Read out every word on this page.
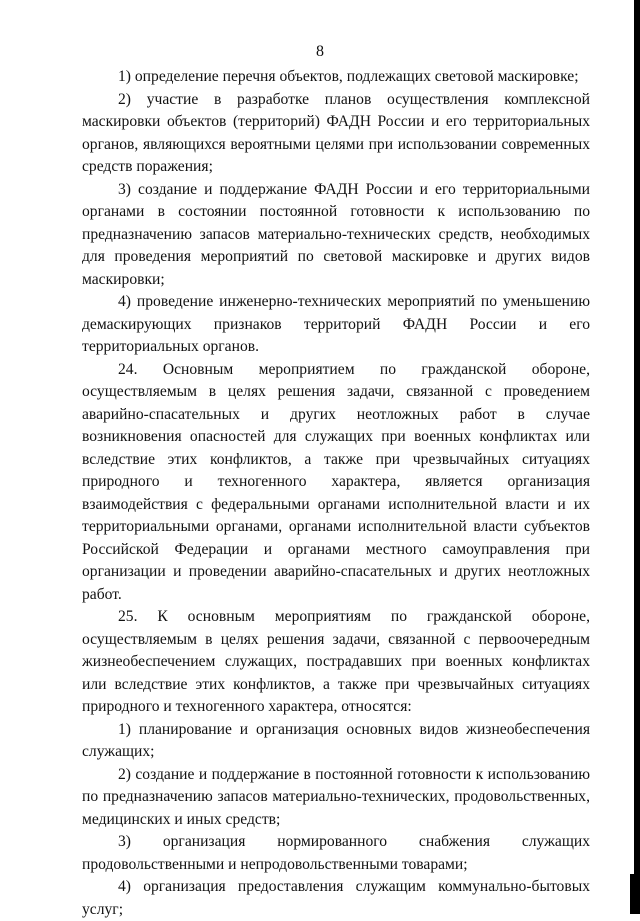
8

1) определение перечня объектов, подлежащих световой маскировке;

2) участие в разработке планов осуществления комплексной маскировки объектов (территорий) ФАДН России и его территориальных органов, являющихся вероятными целями при использовании современных средств поражения;

3) создание и поддержание ФАДН России и его территориальными органами в состоянии постоянной готовности к использованию по предназначению запасов материально-технических средств, необходимых для проведения мероприятий по световой маскировке и других видов маскировки;

4) проведение инженерно-технических мероприятий по уменьшению демаскирующих признаков территорий ФАДН России и его территориальных органов.

24. Основным мероприятием по гражданской обороне, осуществляемым в целях решения задачи, связанной с проведением аварийно-спасательных и других неотложных работ в случае возникновения опасностей для служащих при военных конфликтах или вследствие этих конфликтов, а также при чрезвычайных ситуациях природного и техногенного характера, является организация взаимодействия с федеральными органами исполнительной власти и их территориальными органами, органами исполнительной власти субъектов Российской Федерации и органами местного самоуправления при организации и проведении аварийно-спасательных и других неотложных работ.

25. К основным мероприятиям по гражданской обороне, осуществляемым в целях решения задачи, связанной с первоочередным жизнеобеспечением служащих, пострадавших при военных конфликтах или вследствие этих конфликтов, а также при чрезвычайных ситуациях природного и техногенного характера, относятся:

1) планирование и организация основных видов жизнеобеспечения служащих;

2) создание и поддержание в постоянной готовности к использованию по предназначению запасов материально-технических, продовольственных, медицинских и иных средств;

3) организация нормированного снабжения служащих продовольственными и непродовольственными товарами;

4) организация предоставления служащим коммунально-бытовых услуг;
